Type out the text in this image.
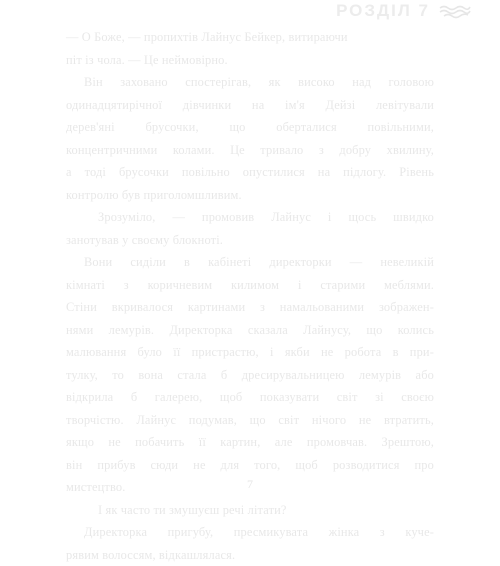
РОЗДІЛ 7
— О Боже, — пропихтів Лайнус Бейкер, витираючи
піт із чола. — Це неймовірно.
Він заховано спостерігав, як високо над головою
одинадцятирічної дівчинки на ім'я Дейзі левітували
дерев'яні брусочки, що оберталися повільними,
концентричними колами. Це тривало з добру хвилину,
а тоді брусочки повільно опустилися на підлогу. Рівень
контролю був приголомшливим.
Зрозуміло, — промовив Лайнус і щось швидко
занотував у своєму блокноті.
Вони сиділи в кабінеті директорки — невеликій
кімнаті з коричневим килимом і старими меблями.
Стіни вкривалося картинами з намальованими зображен-
нями лемурів. Директорка сказала Лайнусу, що колись
малювання було її пристрастю, і якби не робота в при-
тулку, то вона стала б дресирувальницею лемурів або
відкрила б галерею, щоб показувати світ зі своєю
творчістю. Лайнус подумав, що світ нічого не втратить,
якщо не побачить її картин, але промовчав. Зрештою,
він прибув сюди не для того, щоб розводитися про
мистецтво.
І як часто ти змушуєш речі літати?
Директорка пригубу, пресмикувата жінка з куче-
рявим волоссям, відкашлялася.
7
